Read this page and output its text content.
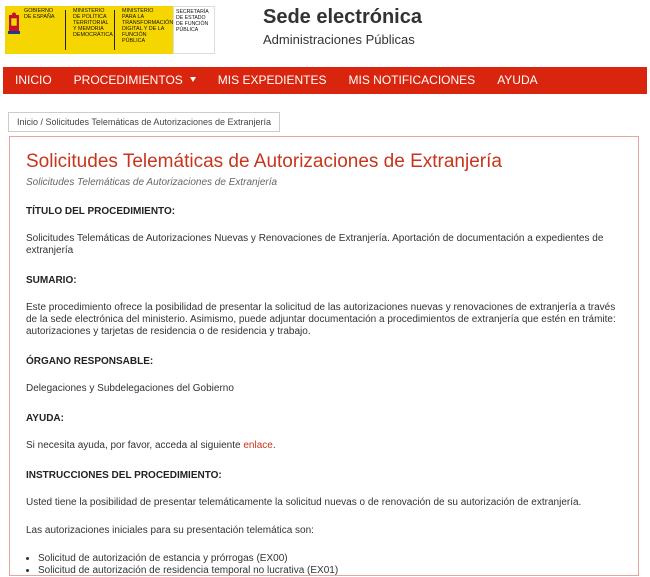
GOBIERNO DE ESPAÑA
MINISTERIO DE POLÍTICA TERRITORIAL Y MEMORIA DEMOCRÁTICA
MINISTERIO PARA LA TRANSFORMACIÓN DIGITAL Y DE LA FUNCIÓN PÚBLICA
SECRETARÍA DE ESTADO DE FUNCIÓN PÚBLICA
Sede electrónica
Administraciones Públicas
INICIO	PROCEDIMIENTOS	MIS EXPEDIENTES	MIS NOTIFICACIONES	AYUDA
Inicio / Solicitudes Telemáticas de Autorizaciones de Extranjería
Solicitudes Telemáticas de Autorizaciones de Extranjería
Solicitudes Telemáticas de Autorizaciones de Extranjería
TÍTULO DEL PROCEDIMIENTO:
Solicitudes Telemáticas de Autorizaciones Nuevas y Renovaciones de Extranjería. Aportación de documentación a expedientes de extranjería
SUMARIO:
Este procedimiento ofrece la posibilidad de presentar la solicitud de las autorizaciones nuevas y renovaciones de extranjería a través de la sede electrónica del ministerio. Asimismo, puede adjuntar documentación a procedimientos de extranjería que estén en trámite: autorizaciones y tarjetas de residencia o de residencia y trabajo.
ÓRGANO RESPONSABLE:
Delegaciones y Subdelegaciones del Gobierno
AYUDA:
Si necesita ayuda, por favor, acceda al siguiente enlace.
INSTRUCCIONES DEL PROCEDIMIENTO:
Usted tiene la posibilidad de presentar telemáticamente la solicitud nuevas o de renovación de su autorización de extranjería.
Las autorizaciones iniciales para su presentación telemática son:
• Solicitud de autorización de estancia y prórrogas (EX00)
• Solicitud de autorización de residencia temporal no lucrativa (EX01)
